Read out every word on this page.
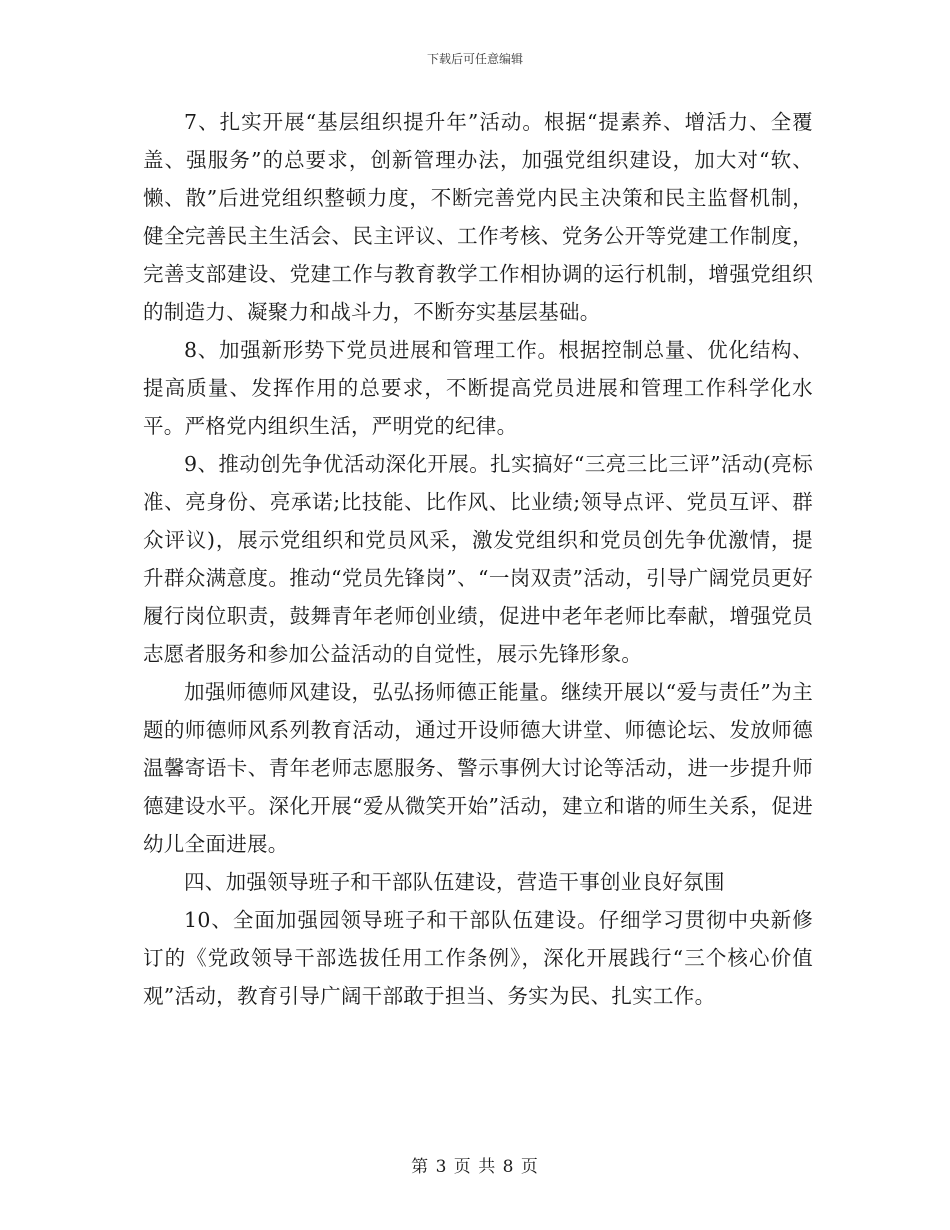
下载后可任意编辑

7、扎实开展“基层组织提升年”活动。根据“提素养、增活力、全覆盖、强服务”的总要求，创新管理办法，加强党组织建设，加大对“软、懒、散”后进党组织整顿力度，不断完善党内民主决策和民主监督机制，健全完善民主生活会、民主评议、工作考核、党务公开等党建工作制度，完善支部建设、党建工作与教育教学工作相协调的运行机制，增强党组织的制造力、凝聚力和战斗力，不断夯实基层基础。

8、加强新形势下党员进展和管理工作。根据控制总量、优化结构、提高质量、发挥作用的总要求，不断提高党员进展和管理工作科学化水平。严格党内组织生活，严明党的纪律。

9、推动创先争优活动深化开展。扎实搞好“三亮三比三评”活动(亮标准、亮身份、亮承诺;比技能、比作风、比业绩;领导点评、党员互评、群众评议)，展示党组织和党员风采，激发党组织和党员创先争优激情，提升群众满意度。推动“党员先锋岗”、“一岗双责”活动，引导广阔党员更好履行岗位职责，鼓舞青年老师创业绩，促进中老年老师比奉献，增强党员志愿者服务和参加公益活动的自觉性，展示先锋形象。

加强师德师风建设，弘弘扬师德正能量。继续开展以“爱与责任”为主题的师德师风系列教育活动，通过开设师德大讲堂、师德论坛、发放师德温馨寄语卡、青年老师志愿服务、警示事例大讨论等活动，进一步提升师德建设水平。深化开展“爱从微笑开始”活动，建立和谐的师生关系，促进幼儿全面进展。

四、加强领导班子和干部队伍建设，营造干事创业良好氛围

10、全面加强园领导班子和干部队伍建设。仔细学习贯彻中央新修订的《党政领导干部选拔任用工作条例》，深化开展践行“三个核心价值观”活动，教育引导广阔干部敢于担当、务实为民、扎实工作。

第 3 页 共 8 页
